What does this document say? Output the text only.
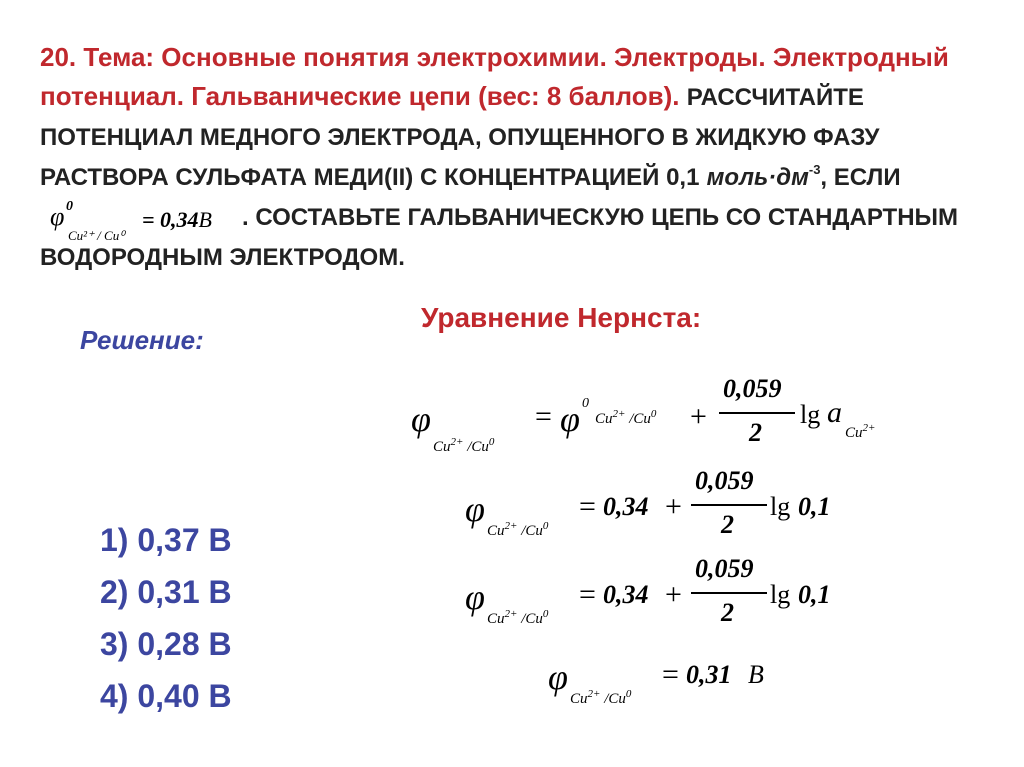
20. Тема: Основные понятия электрохимии. Электроды. Электродный потенциал. Гальванические цепи (вес: 8 баллов). РАССЧИТАЙТЕ ПОТЕНЦИАЛ МЕДНОГО ЭЛЕКТРОДА, ОПУЩЕННОГО В ЖИДКУЮ ФАЗУ РАСТВОРА СУЛЬФАТА МЕДИ(II) С КОНЦЕНТРАЦИЕЙ 0,1 $моль\cdot дм^{-3}$, ЕСЛИ
φ 0
Cu²⁺ / Cu⁰
= 0,34В . СОСТАВЬТЕ ГАЛЬВАНИЧЕСКУЮ ЦЕПЬ СО СТАНДАРТНЫМ ВОДОРОДНЫМ ЭЛЕКТРОДОМ.
Решение:
Уравнение Нернста:
1) 0,37 В
2) 0,31 В
3) 0,28 В
4) 0,40 В
φ
$Cu^{2+}$ $/Cu^0$
= φ 0
$Cu^{2+}$ $/Cu^0$ +
0,059
2
lg a
$Cu^{2+}$
φ
$Cu^{2+}$ $/Cu^0$
= 0,34 +
0,059
2
lg 0,1
φ
$Cu^{2+}$ $/Cu^0$
= 0,34 +
0,059
2
lg 0,1
φ
$Cu^{2+}$ $/Cu^0$
= 0,31 В
